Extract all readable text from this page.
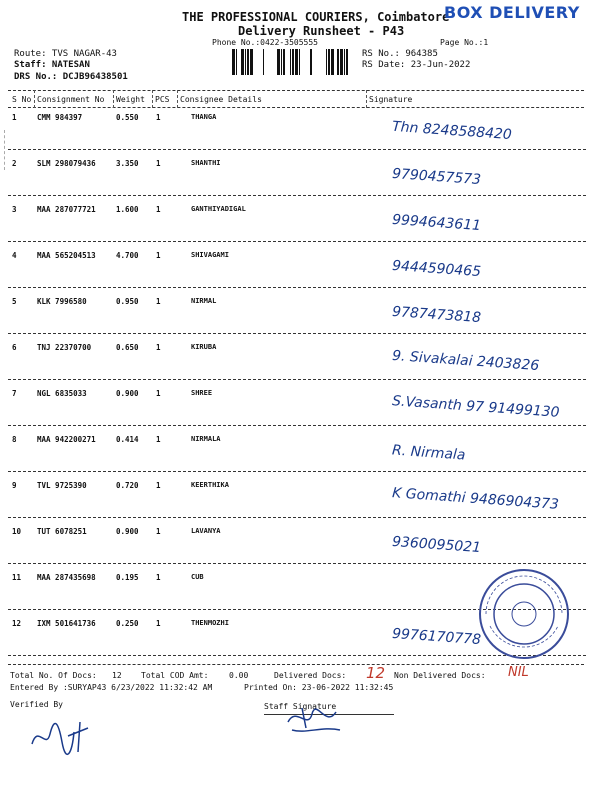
THE PROFESSIONAL COURIERS, Coimbatore
Delivery Runsheet - P43
Phone No.:0422-3505555
BOX DELIVERY
Page No.:1
Route: TVS NAGAR-43
Staff: NATESAN
DRS No.: DCJB96438501
RS No.: 964385
RS Date: 23-Jun-2022
S No Consignment No Weight PCS Consignee Details	Signature
1	CMM 984397	0.550 1	THANGA
Thn 8248588420
2	SLM 298079436	3.350 1	SHANTHI
9790457573
3	MAA 287077721	1.600 1	GANTHIYADIGAL
9994643611
4	MAA 565204513	4.700 1	SHIVAGAMI
9444590465
5	KLK 7996580	0.950 1	NIRMAL
9787473818
6	TNJ 22370700	0.650 1	KIRUBA
9. Sivakalai 2403826
7	NGL 6835033	0.900 1	SHREE
S.Vasanth 97 91499130
8	MAA 942200271	0.414 1	NIRMALA
R. Nirmala
9	TVL 9725390	0.720 1	KEERTHIKA
K Gomathi 9486904373
10 TUT 6078251	0.900 1	LAVANYA
9360095021
11 MAA 287435698	0.195 1	CUB
12 IXM 501641736	0.250 1	THENMOZHI
9976170778
Total No. Of Docs: 12 Total COD Amt:	0.00	Delivered Docs: 12 Non Delivered Docs: NIL
Entered By :SURYAP43 6/23/2022 11:32:42 AM	Printed On: 23-06-2022 11:32:45
Verified By	Staff Signature
